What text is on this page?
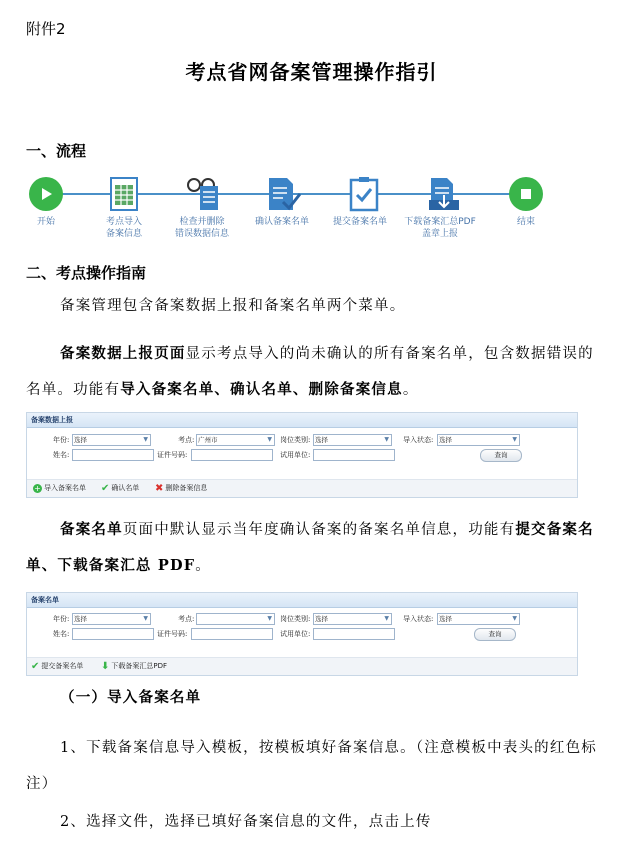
附件2
考点省网备案管理操作指引
一、流程
开始	考点导入
备案信息
检查并删除
错误数据信息
确认备案名单	提交备案名单	下载备案汇总PDF
盖章上报
结束
二、考点操作指南
备案管理包含备案数据上报和备案名单两个菜单。
备案数据上报页面显示考点导入的尚未确认的所有备案名单，包含数据错误的名单。功能有导入备案名单、确认名单、删除备案信息。
备案数据上报
年份: 选择	▼	考点: 广州市	▼ 岗位类别: 选择	▼ 导入状态: 选择	▼
姓名:	证件号码:	试用单位:	查询
+ 导入备案名单 ✔ 确认名单 ✖ 删除备案信息
备案名单页面中默认显示当年度确认备案的备案名单信息，功能有提交备案名单、下载备案汇总 PDF。
备案名单
年份: 选择	▼	考点:	▼ 岗位类别: 选择	▼ 导入状态: 选择	▼
姓名:	证件号码:	试用单位:	查询
✔ 提交备案名单 ⬇ 下载备案汇总PDF
（一）导入备案名单
1、下载备案信息导入模板，按模板填好备案信息。（注意模板中表头的红色标注）
2、选择文件，选择已填好备案信息的文件，点击上传
